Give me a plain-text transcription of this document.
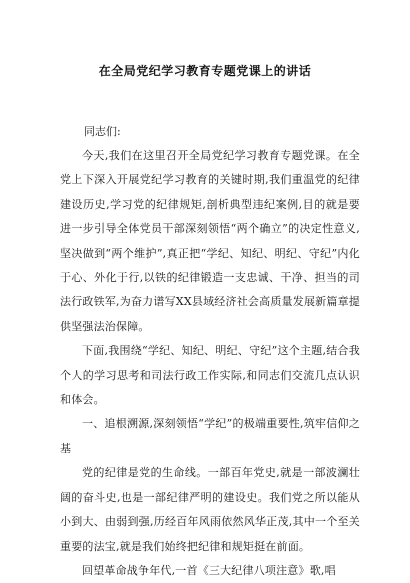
在全局党纪学习教育专题党课上的讲话

同志们:

今天,我们在这里召开全局党纪学习教育专题党课。在全党上下深入开展党纪学习教育的关键时期,我们重温党的纪律建设历史,学习党的纪律规矩,剖析典型违纪案例,目的就是要进一步引导全体党员干部深刻领悟“两个确立”的决定性意义,坚决做到“两个维护”,真正把“学纪、知纪、明纪、守纪”内化于心、外化于行,以铁的纪律锻造一支忠诚、干净、担当的司法行政铁军,为奋力谱写XX县域经济社会高质量发展新篇章提供坚强法治保障。

下面,我围绕“学纪、知纪、明纪、守纪”这个主题,结合我个人的学习思考和司法行政工作实际,和同志们交流几点认识和体会。

一、追根溯源,深刻领悟“学纪”的极端重要性,筑牢信仰之基

党的纪律是党的生命线。一部百年党史,就是一部波澜壮阔的奋斗史,也是一部纪律严明的建设史。我们党之所以能从小到大、由弱到强,历经百年风雨依然风华正茂,其中一个至关重要的法宝,就是我们始终把纪律和规矩挺在前面。

回望革命战争年代,一首《三大纪律八项注意》歌,唱
